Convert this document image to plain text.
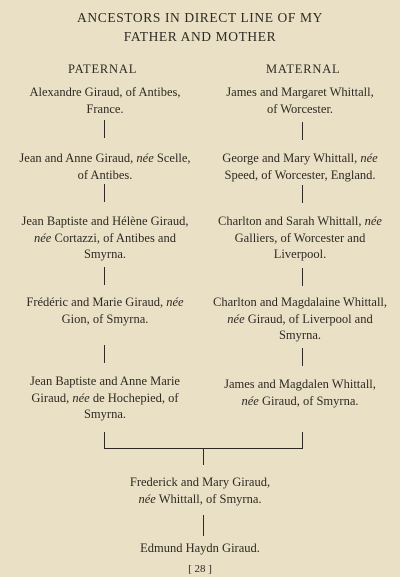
ANCESTORS IN DIRECT LINE OF MY
FATHER AND MOTHER
PATERNAL	MATERNAL
Alexandre Giraud, of Antibes,
France.
Jean and Anne Giraud, née Scelle,
of Antibes.
Jean Baptiste and Hélène Giraud,
née Cortazzi, of Antibes and
Smyrna.
Frédéric and Marie Giraud, née
Gion, of Smyrna.
Jean Baptiste and Anne Marie
Giraud, née de Hochepied, of
Smyrna.
James and Margaret Whittall,
of Worcester.
George and Mary Whittall, née
Speed, of Worcester, England.
Charlton and Sarah Whittall, née
Galliers, of Worcester and
Liverpool.
Charlton and Magdalaine Whittall,
née Giraud, of Liverpool and
Smyrna.
James and Magdalen Whittall,
née Giraud, of Smyrna.
Frederick and Mary Giraud,
née Whittall, of Smyrna.
Edmund Haydn Giraud.
[ 28 ]
